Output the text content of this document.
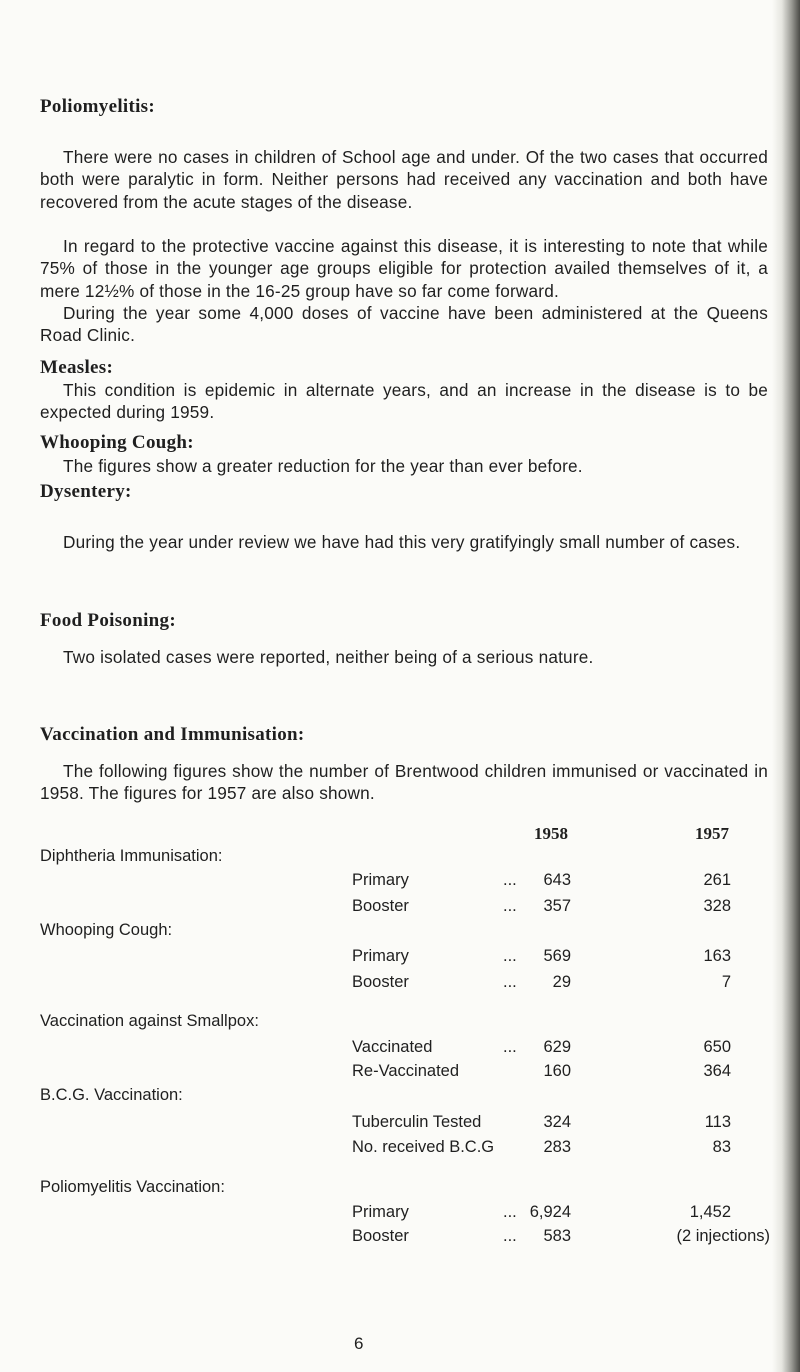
Poliomyelitis:

There were no cases in children of School age and under. Of the two cases that occurred both were paralytic in form. Neither persons had received any vaccination and both have recovered from the acute stages of the disease.

In regard to the protective vaccine against this disease, it is interesting to note that while 75% of those in the younger age groups eligible for protection availed themselves of it, a mere 12½% of those in the 16-25 group have so far come forward.

During the year some 4,000 doses of vaccine have been administered at the Queens Road Clinic.

Measles:

This condition is epidemic in alternate years, and an increase in the disease is to be expected during 1959.

Whooping Cough:

The figures show a greater reduction for the year than ever before.

Dysentery:

During the year under review we have had this very gratifyingly small number of cases.

Food Poisoning:

Two isolated cases were reported, neither being of a serious nature.

Vaccination and Immunisation:

The following figures show the number of Brentwood children immunised or vaccinated in 1958. The figures for 1957 are also shown.

1958	1957
Diphtheria Immunisation:
Primary	... 643	261
Booster	... 357	328
Whooping Cough:
Primary	... 569	163
Booster	... 29	7
Vaccination against Smallpox:
Vaccinated	... 629	650
Re-Vaccinated	160	364
B.C.G. Vaccination:
Tuberculin Tested	324	113
No. received B.C.G	283	83
Poliomyelitis Vaccination:
Primary	... 6,924	1,452
Booster	... 583	(2 injections)
6
